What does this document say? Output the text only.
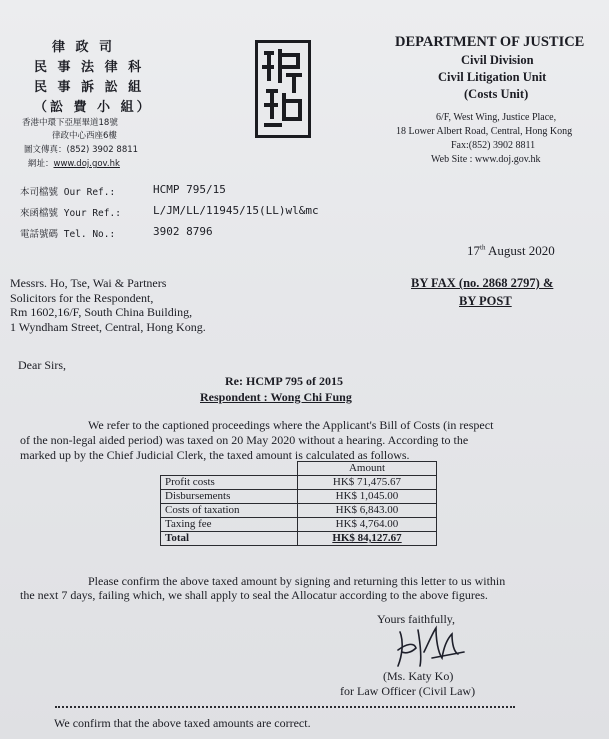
律 政 司
民 事 法 律 科
民 事 訴 訟 組
（訟 費 小 組）
香港中環下亞厘畢道18號
律政中心西座6樓
圖文傳真：(852) 3902 8811
網址：www.doj.gov.hk
DEPARTMENT OF JUSTICE
Civil Division
Civil Litigation Unit
(Costs Unit)
6/F, West Wing, Justice Place,
18 Lower Albert Road, Central, Hong Kong
Fax:(852) 3902 8811
Web Site : www.doj.gov.hk
本司檔號 Our Ref.:	HCMP 795/15
來函檔號 Your Ref.:	L/JM/LL/11945/15(LL)wl&mc
電話號碼 Tel. No.:	3902 8796
17th August 2020
Messrs. Ho, Tse, Wai & Partners
Solicitors for the Respondent,
Rm 1602,16/F, South China Building,
1 Wyndham Street, Central, Hong Kong.
BY FAX (no. 2868 2797) &
BY POST
Dear Sirs,
Re: HCMP 795 of 2015
Respondent : Wong Chi Fung
We refer to the captioned proceedings where the Applicant's Bill of Costs (in respect
of the non-legal aided period) was taxed on 20 May 2020 without a hearing. According to the
marked up by the Chief Judicial Clerk, the taxed amount is calculated as follows.
	Amount
Profit costs	HK$ 71,475.67
Disbursements	HK$ 1,045.00
Costs of taxation	HK$ 6,843.00
Taxing fee	HK$ 4,764.00
Total	HK$ 84,127.67
Please confirm the above taxed amount by signing and returning this letter to us within
the next 7 days, failing which, we shall apply to seal the Allocatur according to the above figures.
Yours faithfully,
(Ms. Katy Ko)
for Law Officer (Civil Law)
We confirm that the above taxed amounts are correct.
